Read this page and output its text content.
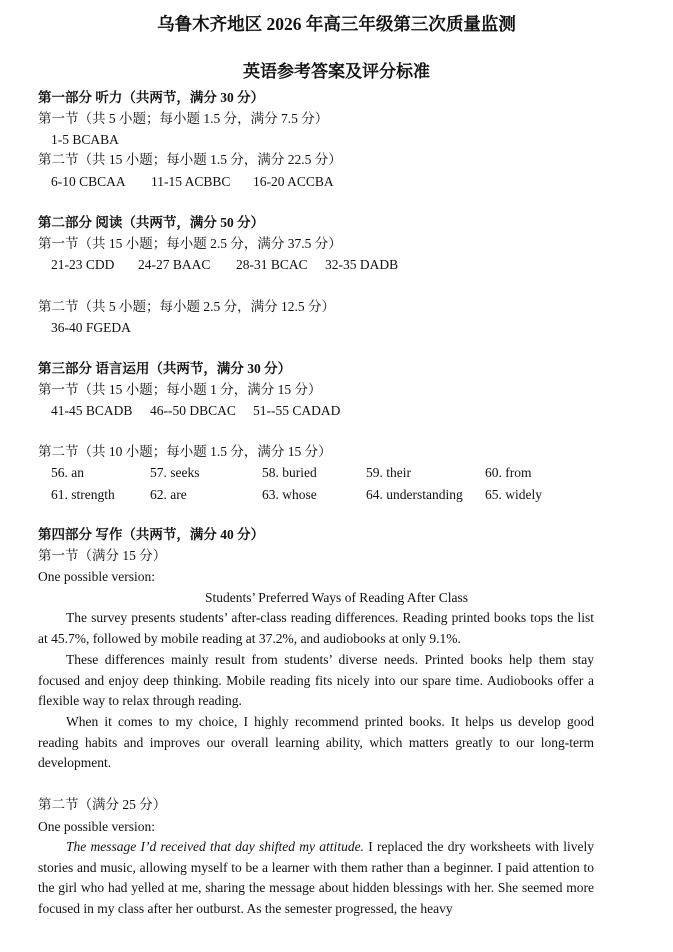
乌鲁木齐地区 2026 年高三年级第三次质量监测
英语参考答案及评分标准
第一部分 听力（共两节，满分 30 分）
第一节（共 5 小题；每小题 1.5 分，满分 7.5 分）
1-5 BCABA
第二节（共 15 小题；每小题 1.5 分，满分 22.5 分）
6-10 CBCAA 11-15 ACBBC 16-20 ACCBA
第二部分 阅读（共两节，满分 50 分）
第一节（共 15 小题；每小题 2.5 分，满分 37.5 分）
21-23 CDD 24-27 BAAC 28-31 BCAC 32-35 DADB
第二节（共 5 小题；每小题 2.5 分，满分 12.5 分）
36-40 FGEDA
第三部分 语言运用（共两节，满分 30 分）
第一节（共 15 小题；每小题 1 分，满分 15 分）
41-45 BCADB 46--50 DBCAC 51--55 CADAD
第二节（共 10 小题；每小题 1.5 分，满分 15 分）
56. an	57. seeks	58. buried	59. their	60. from
61. strength	62. are	63. whose	64. understanding 65. widely
第四部分 写作（共两节，满分 40 分）
第一节（满分 15 分）
One possible version:
Students’ Preferred Ways of Reading After Class
The survey presents students’ after-class reading differences. Reading printed books tops the list at 45.7%, followed by mobile reading at 37.2%, and audiobooks at only 9.1%.
These differences mainly result from students’ diverse needs. Printed books help them stay focused and enjoy deep thinking. Mobile reading fits nicely into our spare time. Audiobooks offer a flexible way to relax through reading.
When it comes to my choice, I highly recommend printed books. It helps us develop good reading habits and improves our overall learning ability, which matters greatly to our long-term development.
第二节（满分 25 分）
One possible version:
The message I’d received that day shifted my attitude. I replaced the dry worksheets with lively stories and music, allowing myself to be a learner with them rather than a beginner. I paid attention to the girl who had yelled at me, sharing the message about hidden blessings with her. She seemed more focused in my class after her outburst. As the semester progressed, the heavy
